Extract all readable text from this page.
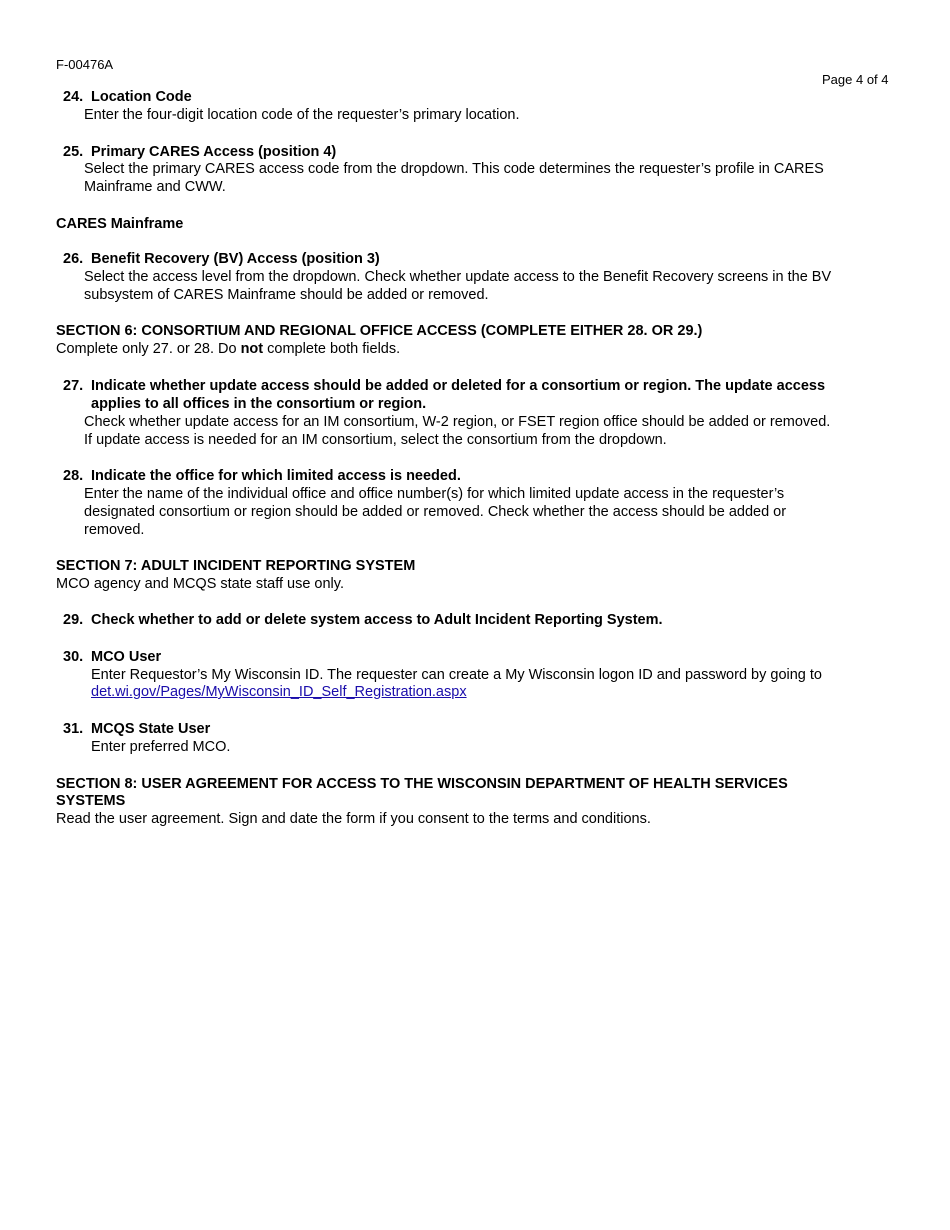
F-00476A
Page 4 of 4
24. Location Code
Enter the four-digit location code of the requester’s primary location.
25. Primary CARES Access (position 4)
Select the primary CARES access code from the dropdown. This code determines the requester’s profile in CARES
Mainframe and CWW.
CARES Mainframe
26. Benefit Recovery (BV) Access (position 3)
Select the access level from the dropdown. Check whether update access to the Benefit Recovery screens in the BV
subsystem of CARES Mainframe should be added or removed.
SECTION 6: CONSORTIUM AND REGIONAL OFFICE ACCESS (COMPLETE EITHER 28. OR 29.)
Complete only 27. or 28. Do not complete both fields.
27. Indicate whether update access should be added or deleted for a consortium or region. The update access
applies to all offices in the consortium or region.
Check whether update access for an IM consortium, W-2 region, or FSET region office should be added or removed.
If update access is needed for an IM consortium, select the consortium from the dropdown.
28. Indicate the office for which limited access is needed.
Enter the name of the individual office and office number(s) for which limited update access in the requester’s
designated consortium or region should be added or removed. Check whether the access should be added or
removed.
SECTION 7: ADULT INCIDENT REPORTING SYSTEM
MCO agency and MCQS state staff use only.
29. Check whether to add or delete system access to Adult Incident Reporting System.
30. MCO User
Enter Requestor’s My Wisconsin ID. The requester can create a My Wisconsin logon ID and password by going to
det.wi.gov/Pages/MyWisconsin_ID_Self_Registration.aspx
31. MCQS State User
Enter preferred MCO.
SECTION 8: USER AGREEMENT FOR ACCESS TO THE WISCONSIN DEPARTMENT OF HEALTH SERVICES
SYSTEMS
Read the user agreement. Sign and date the form if you consent to the terms and conditions.
